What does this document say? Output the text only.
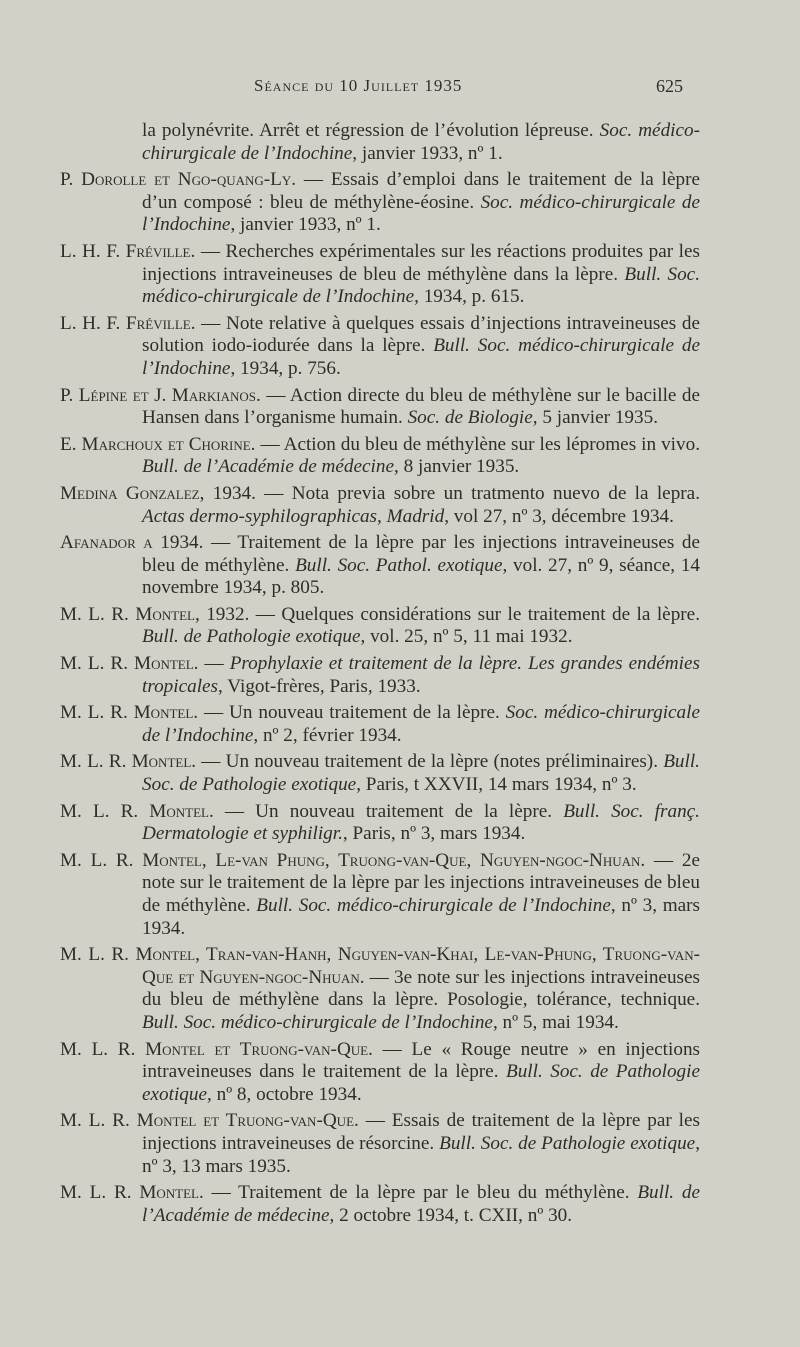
Séance du 10 Juillet 1935	625

la polynévrite. Arrêt et régression de l’évolution lépreuse. Soc. médico-chirurgicale de l’Indochine, janvier 1933, nº 1.

P. Dorolle et Ngo-quang-Ly. — Essais d’emploi dans le traitement de la lèpre d’un composé : bleu de méthylène-éosine. Soc. médico-chirurgicale de l’Indochine, janvier 1933, nº 1.

L. H. F. Fréville. — Recherches expérimentales sur les réactions produites par les injections intraveineuses de bleu de méthylène dans la lèpre. Bull. Soc. médico-chirurgicale de l’Indochine, 1934, p. 615.

L. H. F. Fréville. — Note relative à quelques essais d’injections intraveineuses de solution iodo-iodurée dans la lèpre. Bull. Soc. médico-chirurgicale de l’Indochine, 1934, p. 756.

P. Lépine et J. Markianos. — Action directe du bleu de méthylène sur le bacille de Hansen dans l’organisme humain. Soc. de Biologie, 5 janvier 1935.

E. Marchoux et Chorine. — Action du bleu de méthylène sur les lépromes in vivo. Bull. de l’Académie de médecine, 8 janvier 1935.

Medina Gonzalez, 1934. — Nota previa sobre un tratmento nuevo de la lepra. Actas dermo-syphilographicas, Madrid, vol 27, nº 3, décembre 1934.

Afanador a 1934. — Traitement de la lèpre par les injections intraveineuses de bleu de méthylène. Bull. Soc. Pathol. exotique, vol. 27, nº 9, séance, 14 novembre 1934, p. 805.

M. L. R. Montel, 1932. — Quelques considérations sur le traitement de la lèpre. Bull. de Pathologie exotique, vol. 25, nº 5, 11 mai 1932.

M. L. R. Montel. — Prophylaxie et traitement de la lèpre. Les grandes endémies tropicales, Vigot-frères, Paris, 1933.

M. L. R. Montel. — Un nouveau traitement de la lèpre. Soc. médico-chirurgicale de l’Indochine, nº 2, février 1934.

M. L. R. Montel. — Un nouveau traitement de la lèpre (notes préliminaires). Bull. Soc. de Pathologie exotique, Paris, t XXVII, 14 mars 1934, nº 3.

M. L. R. Montel. — Un nouveau traitement de la lèpre. Bull. Soc. franç. Dermatologie et syphiligr., Paris, nº 3, mars 1934.

M. L. R. Montel, Le-van Phung, Truong-van-Que, Nguyen-ngoc-Nhuan. — 2e note sur le traitement de la lèpre par les injections intraveineuses de bleu de méthylène. Bull. Soc. médico-chirurgicale de l’Indochine, nº 3, mars 1934.

M. L. R. Montel, Tran-van-Hanh, Nguyen-van-Khai, Le-van-Phung, Truong-van-Que et Nguyen-ngoc-Nhuan. — 3e note sur les injections intraveineuses du bleu de méthylène dans la lèpre. Posologie, tolérance, technique. Bull. Soc. médico-chirurgicale de l’Indochine, nº 5, mai 1934.

M. L. R. Montel et Truong-van-Que. — Le « Rouge neutre » en injections intraveineuses dans le traitement de la lèpre. Bull. Soc. de Pathologie exotique, nº 8, octobre 1934.

M. L. R. Montel et Truong-van-Que. — Essais de traitement de la lèpre par les injections intraveineuses de résorcine. Bull. Soc. de Pathologie exotique, nº 3, 13 mars 1935.

M. L. R. Montel. — Traitement de la lèpre par le bleu du méthylène. Bull. de l’Académie de médecine, 2 octobre 1934, t. CXII, nº 30.
